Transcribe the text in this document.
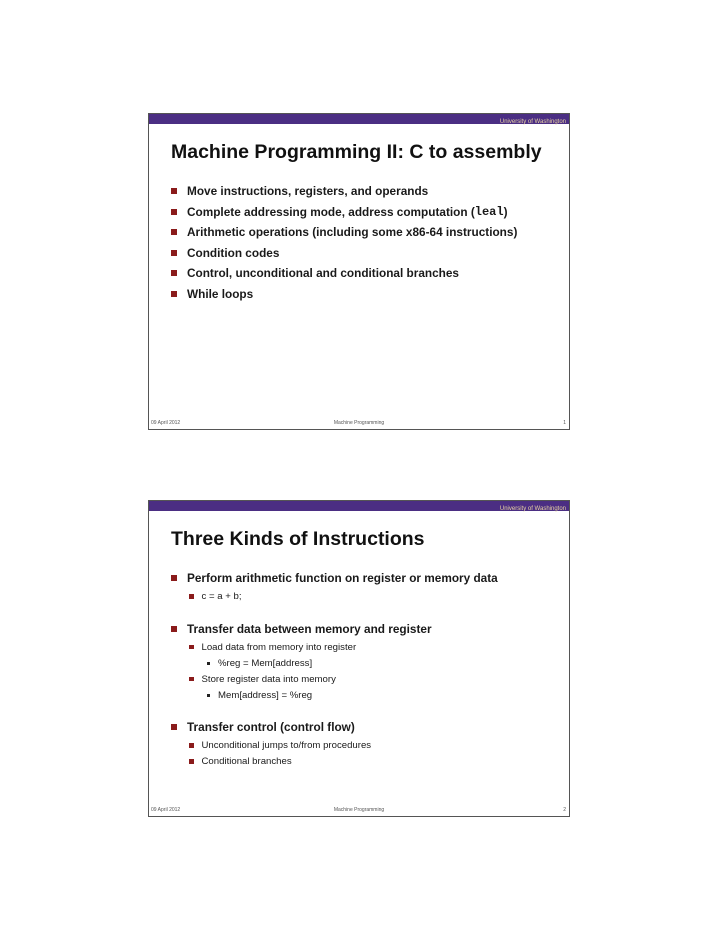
University of Washington
Machine Programming II: C to assembly
Move instructions, registers, and operands
Complete addressing mode, address computation ( leal )
Arithmetic operations (including some x86-64 instructions)
Condition codes
Control, unconditional and conditional branches
While loops
09 April 2012	Machine Programming	1
University of Washington
Three Kinds of Instructions
Perform arithmetic function on register or memory data
c = a + b;
Transfer data between memory and register
Load data from memory into register
%reg = Mem[address]
Store register data into memory
Mem[address] = %reg
Transfer control (control flow)
Unconditional jumps to/from procedures
Conditional branches
09 April 2012	Machine Programming	2
